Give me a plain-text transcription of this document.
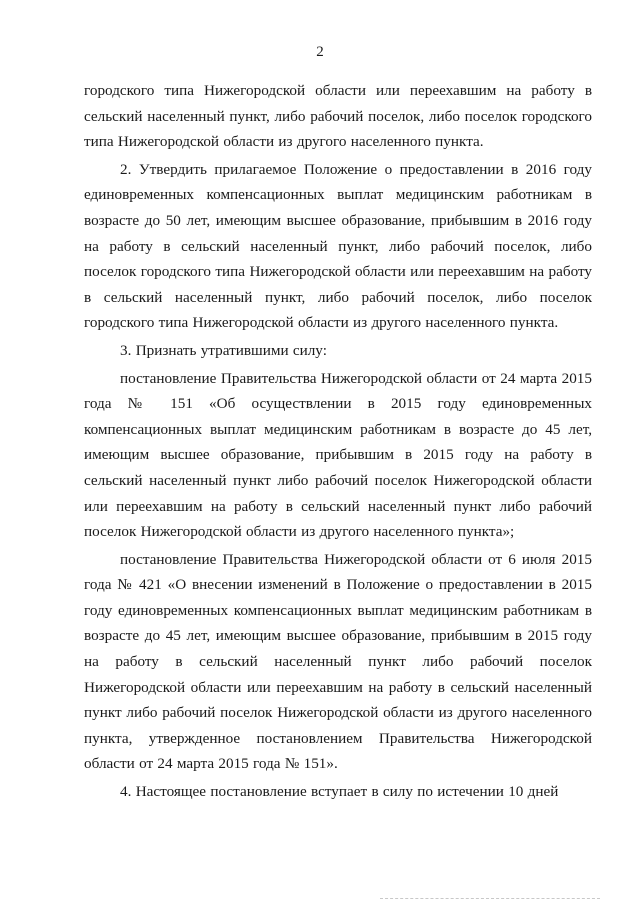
2

городского типа Нижегородской области или переехавшим на работу в сельский населенный пункт, либо рабочий поселок, либо поселок городского типа Нижегородской области из другого населенного пункта.

2. Утвердить прилагаемое Положение о предоставлении в 2016 году единовременных компенсационных выплат медицинским работникам в возрасте до 50 лет, имеющим высшее образование, прибывшим в 2016 году на работу в сельский населенный пункт, либо рабочий поселок, либо поселок городского типа Нижегородской области или переехавшим на работу в сельский населенный пункт, либо рабочий поселок, либо поселок городского типа Нижегородской области из другого населенного пункта.

3. Признать утратившими силу:

постановление Правительства Нижегородской области от 24 марта 2015 года № 151 «Об осуществлении в 2015 году единовременных компенсационных выплат медицинским работникам в возрасте до 45 лет, имеющим высшее образование, прибывшим в 2015 году на работу в сельский населенный пункт либо рабочий поселок Нижегородской области или переехавшим на работу в сельский населенный пункт либо рабочий поселок Нижегородской области из другого населенного пункта»;

постановление Правительства Нижегородской области от 6 июля 2015 года № 421 «О внесении изменений в Положение о предоставлении в 2015 году единовременных компенсационных выплат медицинским работникам в возрасте до 45 лет, имеющим высшее образование, прибывшим в 2015 году на работу в сельский населенный пункт либо рабочий поселок Нижегородской области или переехавшим на работу в сельский населенный пункт либо рабочий поселок Нижегородской области из другого населенного пункта, утвержденное постановлением Правительства Нижегородской области от 24 марта 2015 года № 151».

4. Настоящее постановление вступает в силу по истечении 10 дней
